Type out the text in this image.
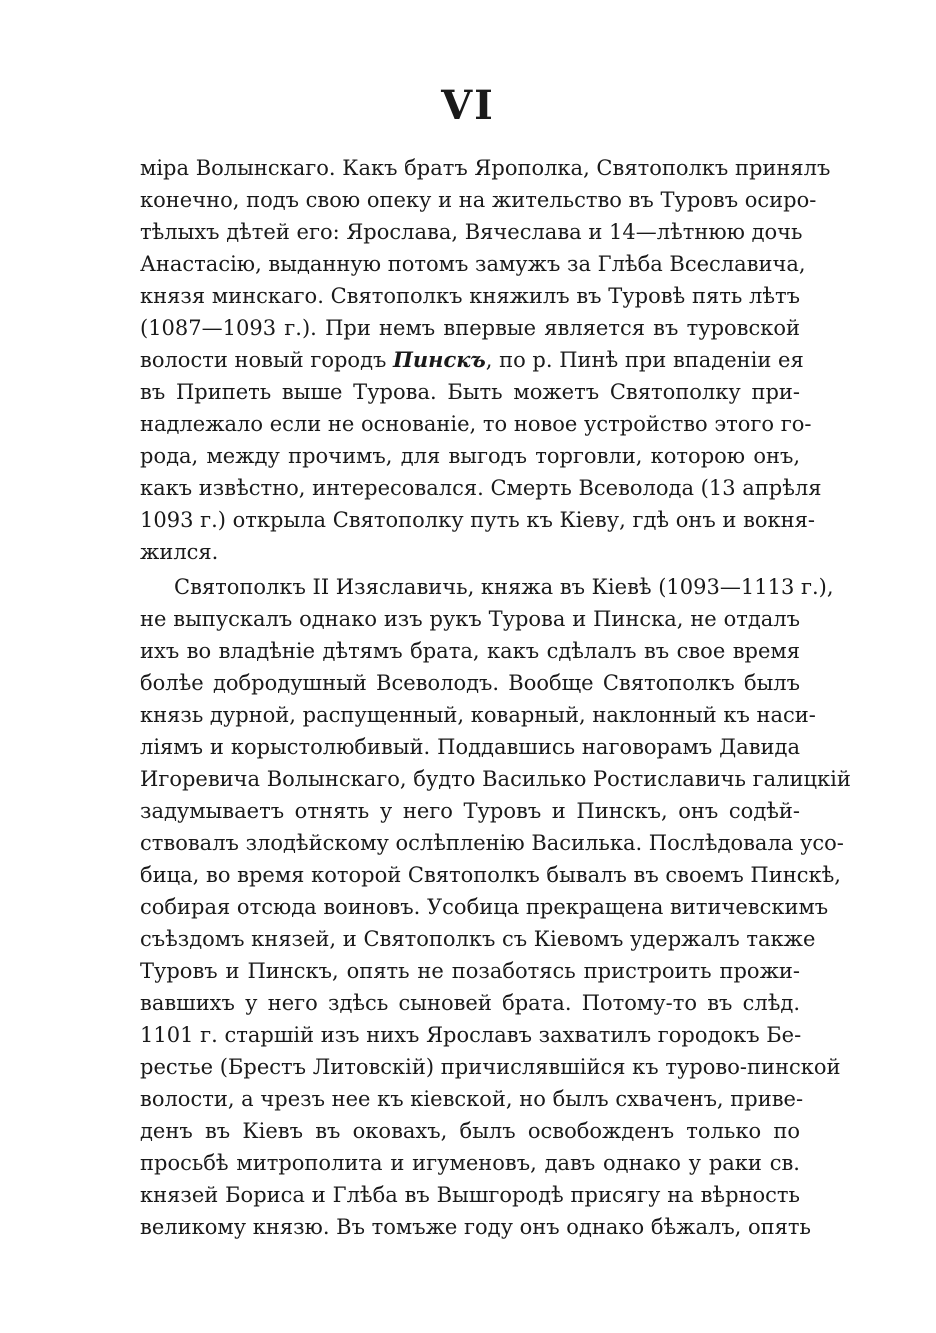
VI
міра Волынскаго. Какъ братъ Ярополка, Святополкъ принялъ
конечно, подъ свою опеку и на жительство въ Туровъ осиро-
тѣлыхъ дѣтей его: Ярослава, Вячеслава и 14—лѣтнюю дочь
Анастасію, выданную потомъ замужъ за Глѣба Всеславича,
князя минскаго. Святополкъ княжилъ въ Туровѣ пять лѣтъ
(1087—1093 г.). При немъ впервые является въ туровской
волости новый городъ Пинскъ, по р. Пинѣ при впаденіи ея
въ Припеть выше Турова. Быть можетъ Святополку при-
надлежало если не основаніе, то новое устройство этого го-
рода, между прочимъ, для выгодъ торговли, которою онъ,
какъ извѣстно, интересовался. Смерть Всеволода (13 апрѣля
1093 г.) открыла Святополку путь къ Кіеву, гдѣ онъ и вокня-
жился.
Святополкъ II Изяславичь, княжа въ Кіевѣ (1093—1113 г.),
не выпускалъ однако изъ рукъ Турова и Пинска, не отдалъ
ихъ во владѣніе дѣтямъ брата, какъ сдѣлалъ въ свое время
болѣе добродушный Всеволодъ. Вообще Святополкъ былъ
князь дурной, распущенный, коварный, наклонный къ наси-
ліямъ и корыстолюбивый. Поддавшись наговорамъ Давида
Игоревича Волынскаго, будто Василько Ростиславичь галицкій
задумываетъ отнять у него Туровъ и Пинскъ, онъ содѣй-
ствовалъ злодѣйскому ослѣпленію Василька. Послѣдовала усо-
бица, во время которой Святополкъ бывалъ въ своемъ Пинскѣ,
собирая отсюда воиновъ. Усобица прекращена витичевскимъ
съѣздомъ князей, и Святополкъ съ Кіевомъ удержалъ также
Туровъ и Пинскъ, опять не позаботясь пристроить прожи-
вавшихъ у него здѣсь сыновей брата. Потому-то въ слѣд.
1101 г. старшій изъ нихъ Ярославъ захватилъ городокъ Бе-
рестье (Брестъ Литовскій) причислявшійся къ турово-пинской
волости, а чрезъ нее къ кіевской, но былъ схваченъ, приве-
денъ въ Кіевъ въ оковахъ, былъ освобожденъ только по
просьбѣ митрополита и игуменовъ, давъ однако у раки св.
князей Бориса и Глѣба въ Вышгородѣ присягу на вѣрность
великому князю. Въ томъже году онъ однако бѣжалъ, опять
